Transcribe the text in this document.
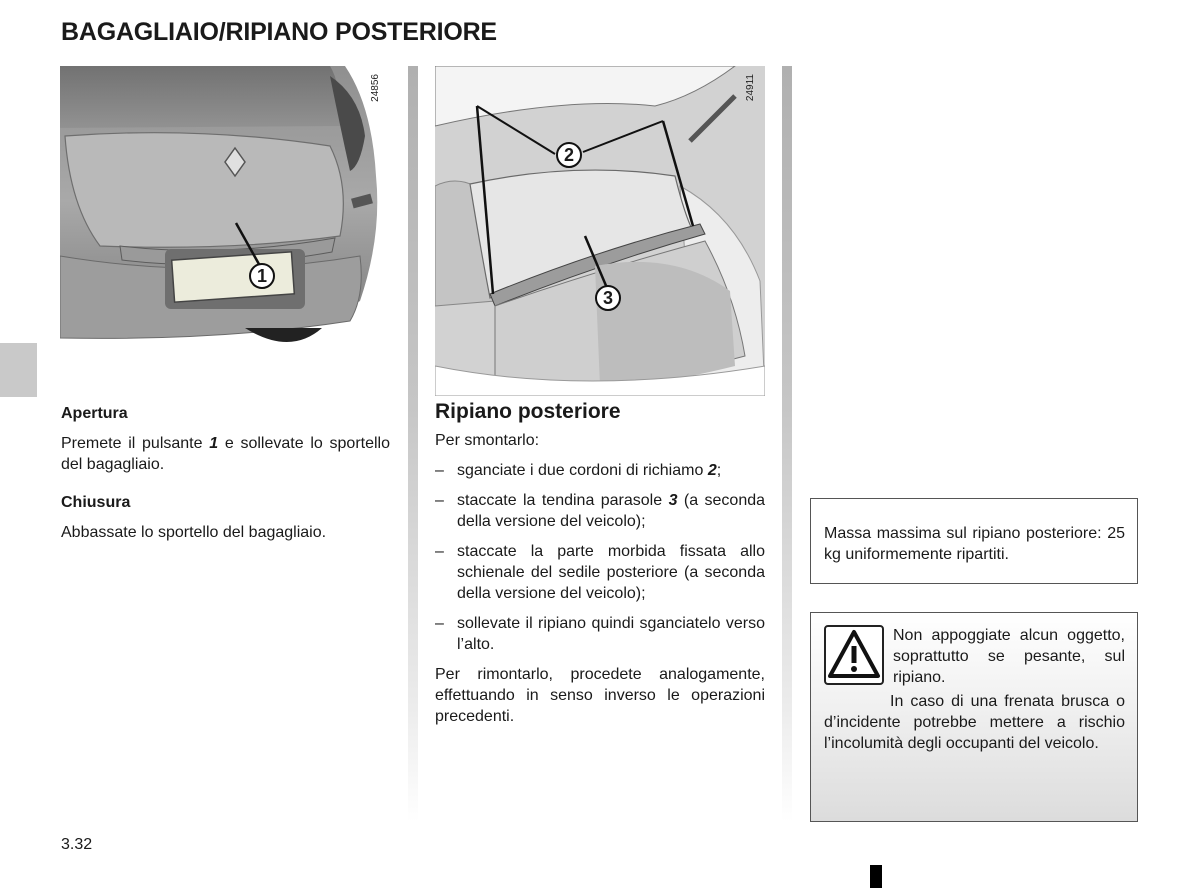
BAGAGLIAIO/RIPIANO POSTERIORE
1
24856
2
3
24911

Apertura

Premete il pulsante 1 e sollevate lo sportello del bagagliaio.

Chiusura

Abbassate lo sportello del bagagliaio.

Ripiano posteriore

Per smontarlo:

– sganciate i due cordoni di richiamo 2;
– staccate la tendina parasole 3 (a seconda della versione del veicolo);
– staccate la parte morbida fissata allo schienale del sedile posteriore (a seconda della versione del veicolo);
– sollevate il ripiano quindi sganciatelo verso l’alto.

Per rimontarlo, procedete analogamente, effettuando in senso inverso le operazioni precedenti.

Massa massima sul ripiano posteriore: 25 kg uniformemente ripartiti.

Non appoggiate alcun oggetto, soprattutto se pesante, sul ripiano.

In caso di una frenata brusca o d’incidente potrebbe mettere a rischio l’incolumità degli occupanti del veicolo.

3.32
